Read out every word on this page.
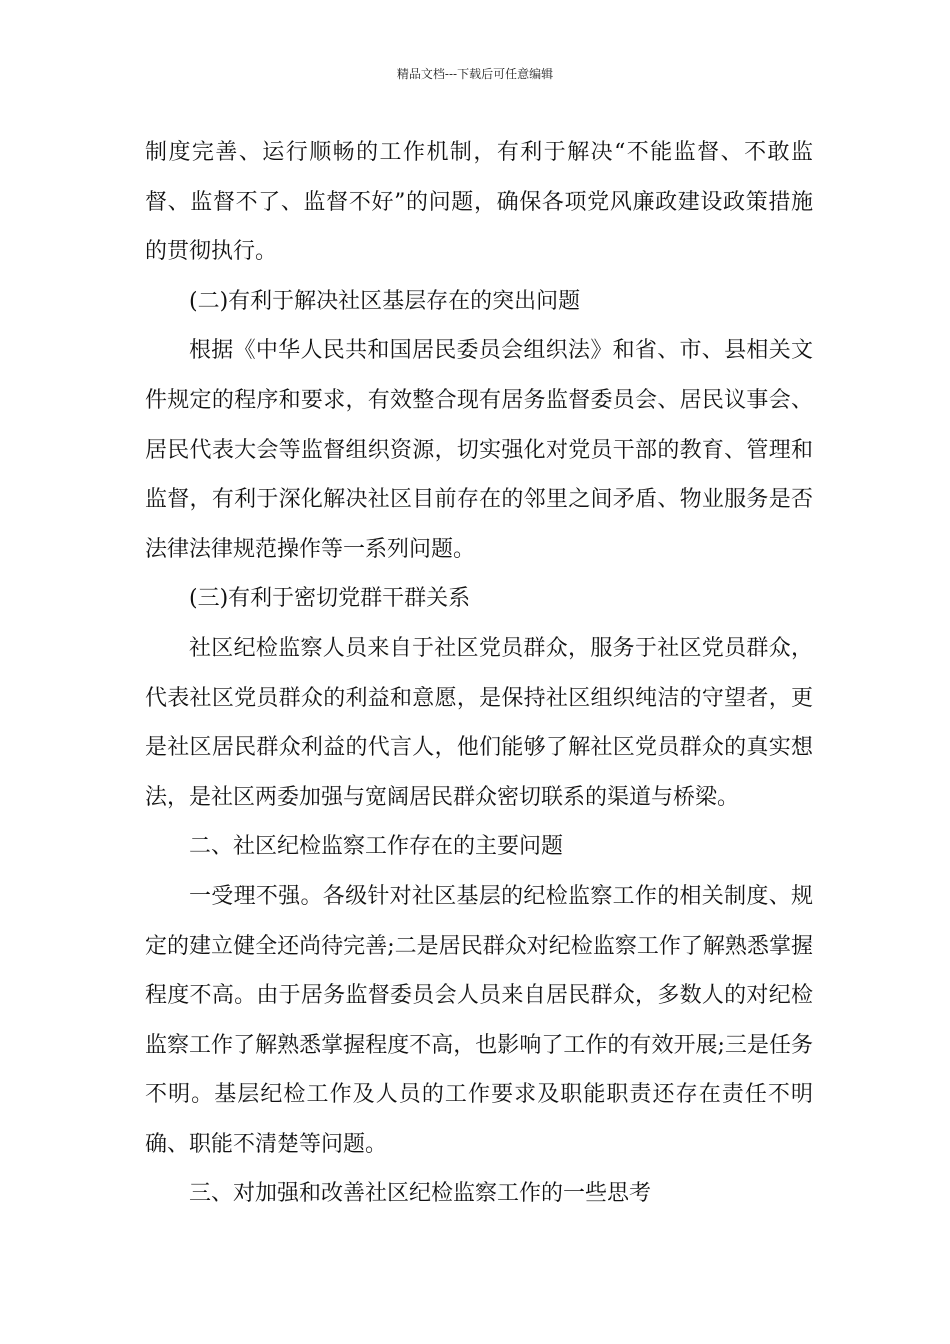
精品文档---下载后可任意编辑

制度完善、运行顺畅的工作机制，有利于解决“不能监督、不敢监督、监督不了、监督不好”的问题，确保各项党风廉政建设政策措施的贯彻执行。

(二)有利于解决社区基层存在的突出问题

根据《中华人民共和国居民委员会组织法》和省、市、县相关文件规定的程序和要求，有效整合现有居务监督委员会、居民议事会、居民代表大会等监督组织资源，切实强化对党员干部的教育、管理和监督，有利于深化解决社区目前存在的邻里之间矛盾、物业服务是否法律法律规范操作等一系列问题。

(三)有利于密切党群干群关系

社区纪检监察人员来自于社区党员群众，服务于社区党员群众，代表社区党员群众的利益和意愿，是保持社区组织纯洁的守望者，更是社区居民群众利益的代言人，他们能够了解社区党员群众的真实想法，是社区两委加强与宽阔居民群众密切联系的渠道与桥梁。

二、社区纪检监察工作存在的主要问题

一受理不强。各级针对社区基层的纪检监察工作的相关制度、规定的建立健全还尚待完善;二是居民群众对纪检监察工作了解熟悉掌握程度不高。由于居务监督委员会人员来自居民群众，多数人的对纪检监察工作了解熟悉掌握程度不高，也影响了工作的有效开展;三是任务不明。基层纪检工作及人员的工作要求及职能职责还存在责任不明确、职能不清楚等问题。

三、对加强和改善社区纪检监察工作的一些思考
